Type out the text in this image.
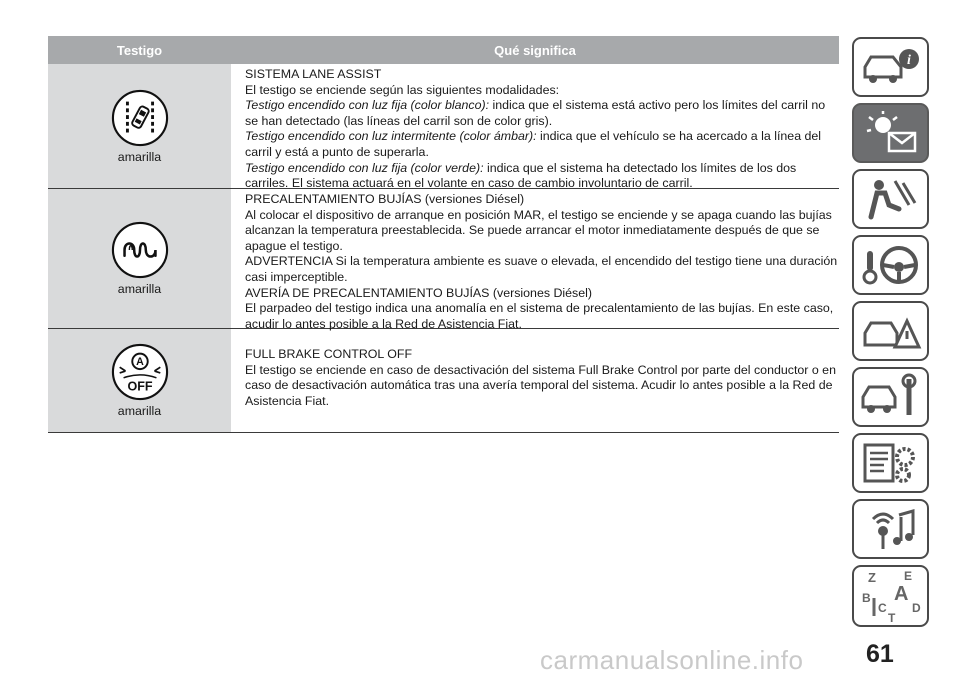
Testigo	Qué significa
amarilla

SISTEMA LANE ASSIST

El testigo se enciende según las siguientes modalidades:

Testigo encendido con luz fija (color blanco): indica que el sistema está activo pero los límites del carril no se han detectado (las líneas del carril son de color gris).

Testigo encendido con luz intermitente (color ámbar): indica que el vehículo se ha acercado a la línea del carril y está a punto de superarla.

Testigo encendido con luz fija (color verde): indica que el sistema ha detectado los límites de los dos carriles. El sistema actuará en el volante en caso de cambio involuntario de carril.

amarilla

PRECALENTAMIENTO BUJÍAS (versiones Diésel)

Al colocar el dispositivo de arranque en posición MAR, el testigo se enciende y se apaga cuando las bujías alcanzan la temperatura preestablecida. Se puede arrancar el motor inmediatamente después de que se apague el testigo.

ADVERTENCIA Si la temperatura ambiente es suave o elevada, el encendido del testigo tiene una duración casi imperceptible.

AVERÍA DE PRECALENTAMIENTO BUJÍAS (versiones Diésel)

El parpadeo del testigo indica una anomalía en el sistema de precalentamiento de las bujías. En este caso, acudir lo antes posible a la Red de Asistencia Fiat.

A
OFF
amarilla

FULL BRAKE CONTROL OFF

El testigo se enciende en caso de desactivación del sistema Full Brake Control por parte del conductor o en caso de desactivación automática tras una avería temporal del sistema. Acudir lo antes posible a la Red de Asistencia Fiat.

i
Z E
B A
D
C
T
61
carmanualsonline.info
